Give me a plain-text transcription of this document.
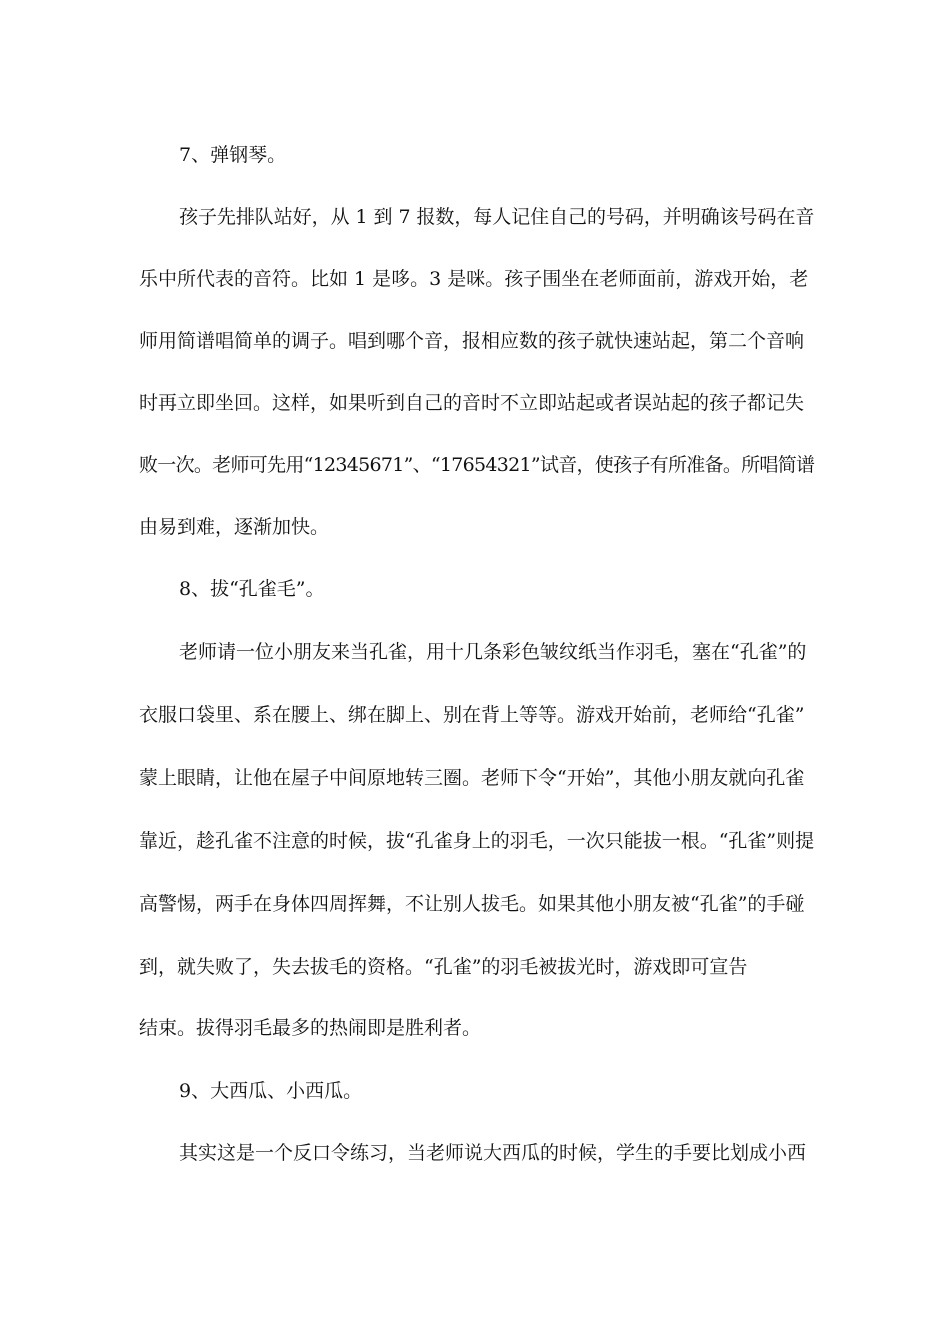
7、弹钢琴。
孩子先排队站好，从 1 到 7 报数，每人记住自己的号码，并明确该号码在音
乐中所代表的音符。比如 1 是哆。3 是咪。孩子围坐在老师面前，游戏开始，老
师用简谱唱简单的调子。唱到哪个音，报相应数的孩子就快速站起，第二个音响
时再立即坐回。这样，如果听到自己的音时不立即站起或者误站起的孩子都记失
败一次。老师可先用“12345671”、“17654321”试音，使孩子有所准备。所唱简谱
由易到难，逐渐加快。
8、拔“孔雀毛”。
老师请一位小朋友来当孔雀，用十几条彩色皱纹纸当作羽毛，塞在“孔雀”的
衣服口袋里、系在腰上、绑在脚上、别在背上等等。游戏开始前，老师给“孔雀”
蒙上眼睛，让他在屋子中间原地转三圈。老师下令“开始”，其他小朋友就向孔雀
靠近，趁孔雀不注意的时候，拔“孔雀身上的羽毛，一次只能拔一根。“孔雀”则提
高警惕，两手在身体四周挥舞，不让别人拔毛。如果其他小朋友被“孔雀”的手碰
到，就失败了，失去拔毛的资格。“孔雀”的羽毛被拔光时，游戏即可宣告
结束。拔得羽毛最多的热闹即是胜利者。
9、大西瓜、小西瓜。
其实这是一个反口令练习，当老师说大西瓜的时候，学生的手要比划成小西
